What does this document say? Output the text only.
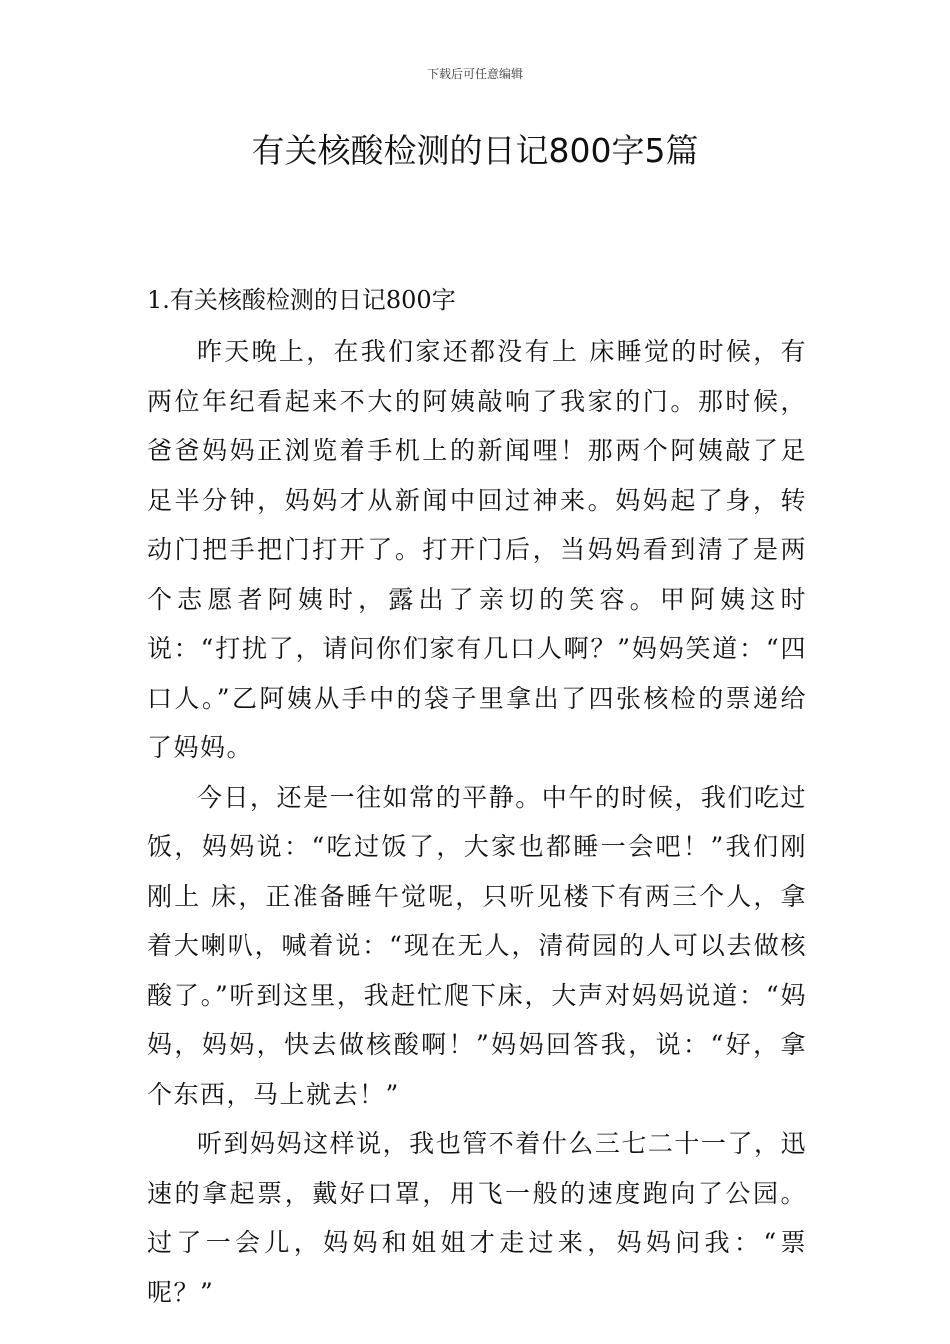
下载后可任意编辑
有关核酸检测的日记800字5篇
1.有关核酸检测的日记800字

昨天晚上，在我们家还都没有上 床睡觉的时候，有两位年纪看起来不大的阿姨敲响了我家的门。那时候，爸爸妈妈正浏览着手机上的新闻哩！那两个阿姨敲了足足半分钟，妈妈才从新闻中回过神来。妈妈起了身，转动门把手把门打开了。打开门后，当妈妈看到清了是两个志愿者阿姨时，露出了亲切的笑容。甲阿姨这时说：“打扰了，请问你们家有几口人啊？”妈妈笑道：“四口人。”乙阿姨从手中的袋子里拿出了四张核检的票递给了妈妈。

今日，还是一往如常的平静。中午的时候，我们吃过饭，妈妈说：“吃过饭了，大家也都睡一会吧！”我们刚刚上 床，正准备睡午觉呢，只听见楼下有两三个人，拿着大喇叭，喊着说：“现在无人，清荷园的人可以去做核酸了。”听到这里，我赶忙爬下床，大声对妈妈说道：“妈妈，妈妈，快去做核酸啊！”妈妈回答我，说：“好，拿个东西，马上就去！”

听到妈妈这样说，我也管不着什么三七二十一了，迅速的拿起票，戴好口罩，用飞一般的速度跑向了公园。过了一会儿，妈妈和姐姐才走过来，妈妈问我：“票呢？”
